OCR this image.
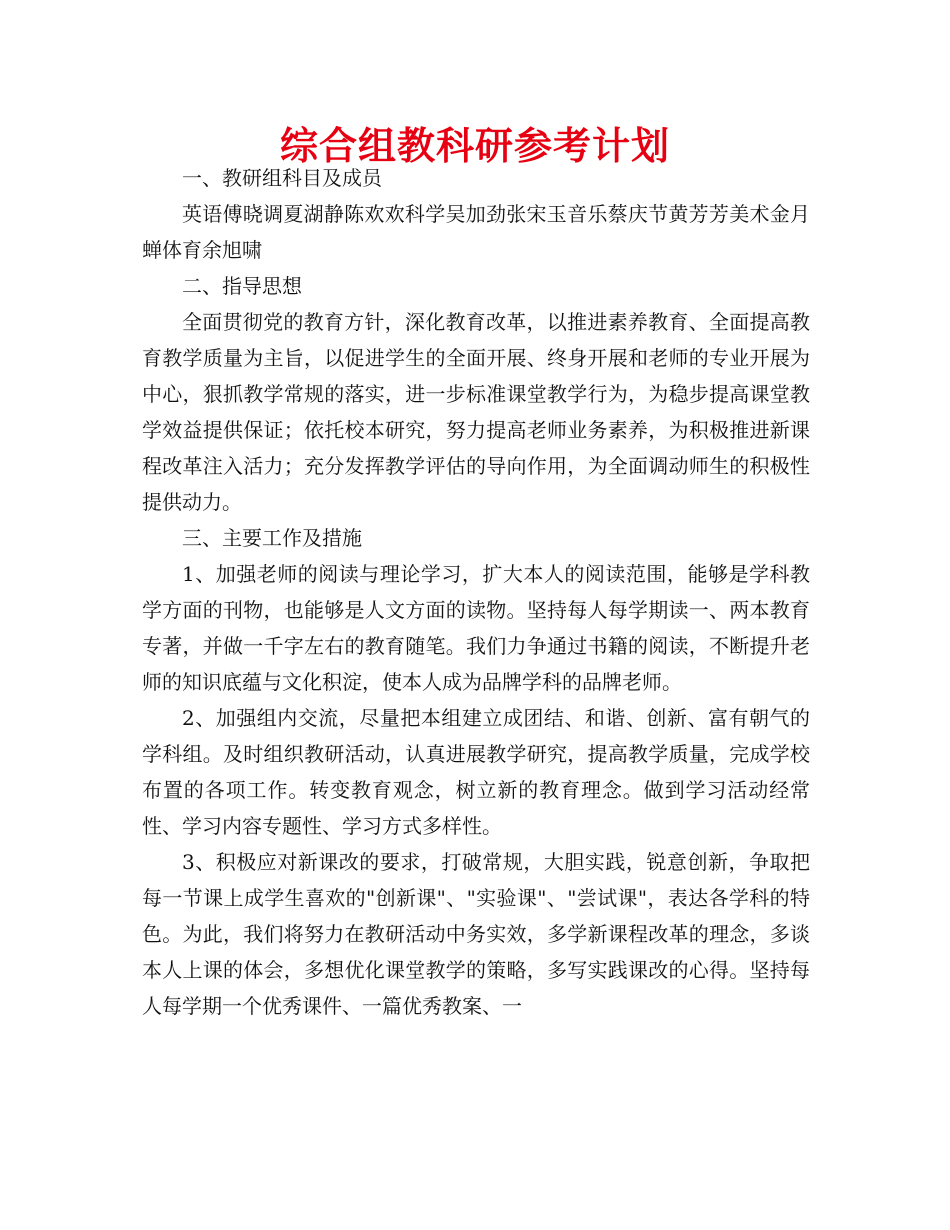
综合组教科研参考计划

一、教研组科目及成员

英语傅晓调夏湖静陈欢欢科学吴加劲张宋玉音乐蔡庆节黄芳芳美术金月蝉体育余旭啸

二、指导思想

全面贯彻党的教育方针，深化教育改革，以推进素养教育、全面提高教育教学质量为主旨，以促进学生的全面开展、终身开展和老师的专业开展为中心，狠抓教学常规的落实，进一步标准课堂教学行为，为稳步提高课堂教学效益提供保证；依托校本研究，努力提高老师业务素养，为积极推进新课程改革注入活力；充分发挥教学评估的导向作用，为全面调动师生的积极性提供动力。

三、主要工作及措施

1、加强老师的阅读与理论学习，扩大本人的阅读范围，能够是学科教学方面的刊物，也能够是人文方面的读物。坚持每人每学期读一、两本教育专著，并做一千字左右的教育随笔。我们力争通过书籍的阅读，不断提升老师的知识底蕴与文化积淀，使本人成为品牌学科的品牌老师。

2、加强组内交流，尽量把本组建立成团结、和谐、创新、富有朝气的学科组。及时组织教研活动，认真进展教学研究，提高教学质量，完成学校布置的各项工作。转变教育观念，树立新的教育理念。做到学习活动经常性、学习内容专题性、学习方式多样性。

3、积极应对新课改的要求，打破常规，大胆实践，锐意创新，争取把每一节课上成学生喜欢的"创新课"、"实验课"、"尝试课"，表达各学科的特色。为此，我们将努力在教研活动中务实效，多学新课程改革的理念，多谈本人上课的体会，多想优化课堂教学的策略，多写实践课改的心得。坚持每人每学期一个优秀课件、一篇优秀教案、一
